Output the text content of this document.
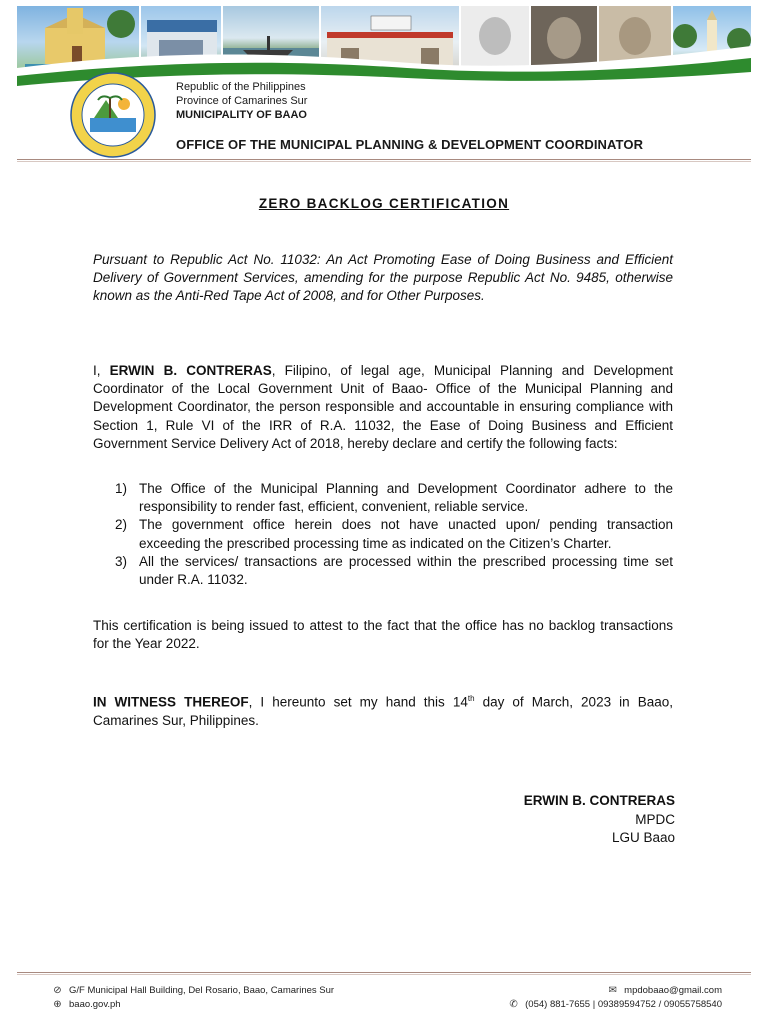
Republic of the Philippines
Province of Camarines Sur
MUNICIPALITY OF BAAO
OFFICE OF THE MUNICIPAL PLANNING & DEVELOPMENT COORDINATOR
ZERO BACKLOG CERTIFICATION
Pursuant to Republic Act No. 11032: An Act Promoting Ease of Doing Business and Efficient Delivery of Government Services, amending for the purpose Republic Act No. 9485, otherwise known as the Anti-Red Tape Act of 2008, and for Other Purposes.
I, ERWIN B. CONTRERAS, Filipino, of legal age, Municipal Planning and Development Coordinator of the Local Government Unit of Baao- Office of the Municipal Planning and Development Coordinator, the person responsible and accountable in ensuring compliance with Section 1, Rule VI of the IRR of R.A. 11032, the Ease of Doing Business and Efficient Government Service Delivery Act of 2018, hereby declare and certify the following facts:
1) The Office of the Municipal Planning and Development Coordinator adhere to the responsibility to render fast, efficient, convenient, reliable service.
2) The government office herein does not have unacted upon/ pending transaction exceeding the prescribed processing time as indicated on the Citizen’s Charter.
3) All the services/ transactions are processed within the prescribed processing time set under R.A. 11032.
This certification is being issued to attest to the fact that the office has no backlog transactions for the Year 2022.
IN WITNESS THEREOF, I hereunto set my hand this 14th day of March, 2023 in Baao, Camarines Sur, Philippines.
ERWIN B. CONTRERAS
MPDC
LGU Baao
⊘ G/F Municipal Hall Building, Del Rosario, Baao, Camarines Sur
⊕ baao.gov.ph
✉ mpdobaao@gmail.com
✆ (054) 881-7655 | 09389594752 / 09055758540
